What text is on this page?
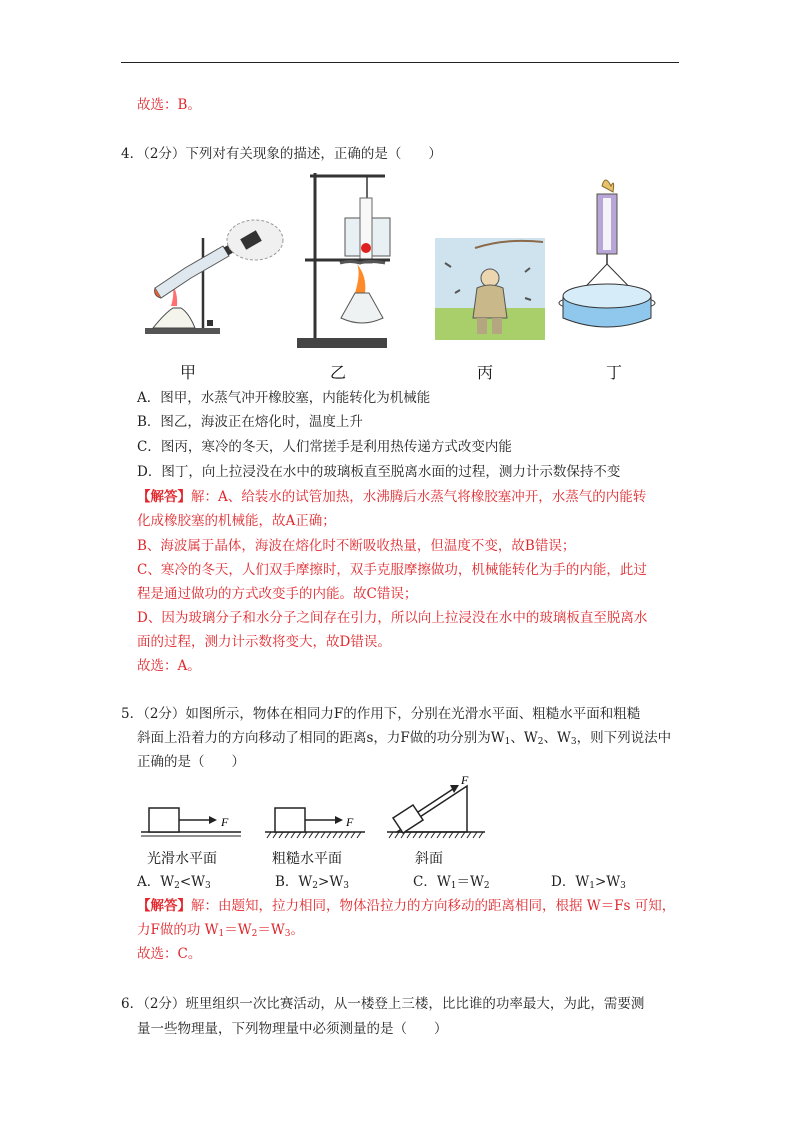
故选：B。
4．（2分）下列对有关现象的描述，正确的是（　　）
甲	乙	丙	丁
A．图甲，水蒸气冲开橡胶塞，内能转化为机械能
B．图乙，海波正在熔化时，温度上升
C．图丙，寒冷的冬天，人们常搓手是利用热传递方式改变内能
D．图丁，向上拉浸没在水中的玻璃板直至脱离水面的过程，测力计示数保持不变
【解答】解：A、给装水的试管加热，水沸腾后水蒸气将橡胶塞冲开，水蒸气的内能转
化成橡胶塞的机械能，故A正确；
B、海波属于晶体，海波在熔化时不断吸收热量，但温度不变，故B错误；
C、寒冷的冬天，人们双手摩擦时，双手克服摩擦做功，机械能转化为手的内能，此过
程是通过做功的方式改变手的内能。故C错误；
D、因为玻璃分子和水分子之间存在引力，所以向上拉浸没在水中的玻璃板直至脱离水
面的过程，测力计示数将变大，故D错误。
故选：A。
5．（2分）如图所示，物体在相同力F的作用下，分别在光滑水平面、粗糙水平面和粗糙
斜面上沿着力的方向移动了相同的距离s，力F做的功分别为$W_1$、$W_2$、$W_3$，则下列说法中
正确的是（　　）
F	F
F
光滑水平面	粗糙水平面	斜面
A．$W_2<W_3$	B．$W_2>W_3$	C．$W_1=W_2$	D．$W_1>W_3$
【解答】解：由题知，拉力相同，物体沿拉力的方向移动的距离相同，根据 W＝Fs 可知，
力F做的功 $W_1=W_2=W_3$。
故选：C。
6．（2分）班里组织一次比赛活动，从一楼登上三楼，比比谁的功率最大，为此，需要测
量一些物理量，下列物理量中必须测量的是（　　）
